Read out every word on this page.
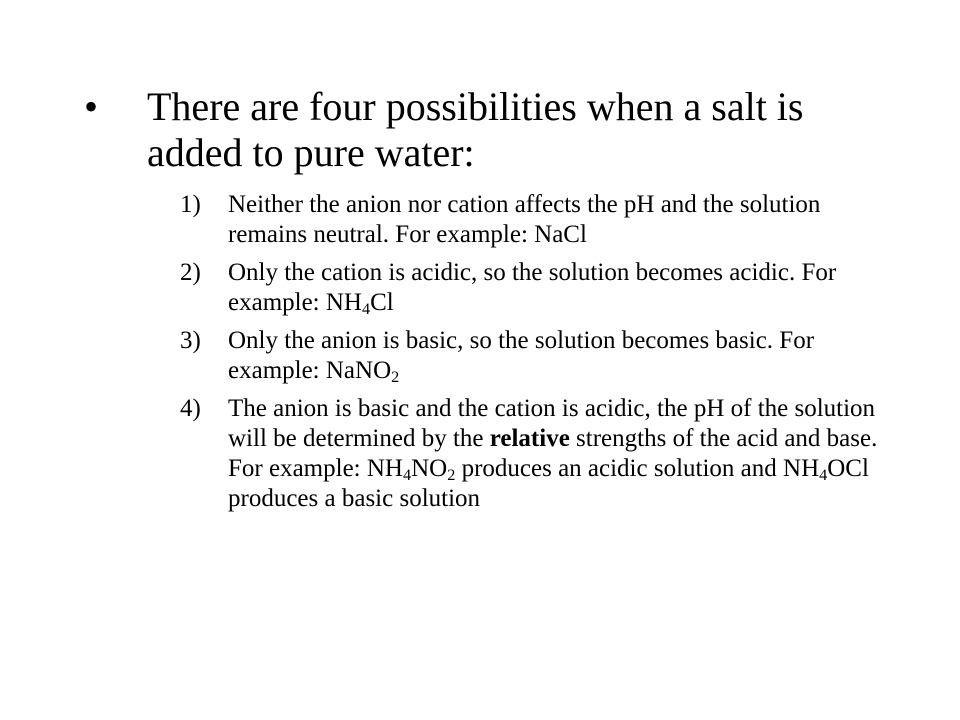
• There are four possibilities when a salt is added to pure water:
1) Neither the anion nor cation affects the pH and the solution remains neutral. For example: NaCl
2) Only the cation is acidic, so the solution becomes acidic. For example: $NH_4Cl$
3) Only the anion is basic, so the solution becomes basic. For example: NaNO$_2$
4) The anion is basic and the cation is acidic, the pH of the solution will be determined by the relative strengths of the acid and base. For example: $NH_4NO_2$ produces an acidic solution and $NH_4OCl$ produces a basic solution
